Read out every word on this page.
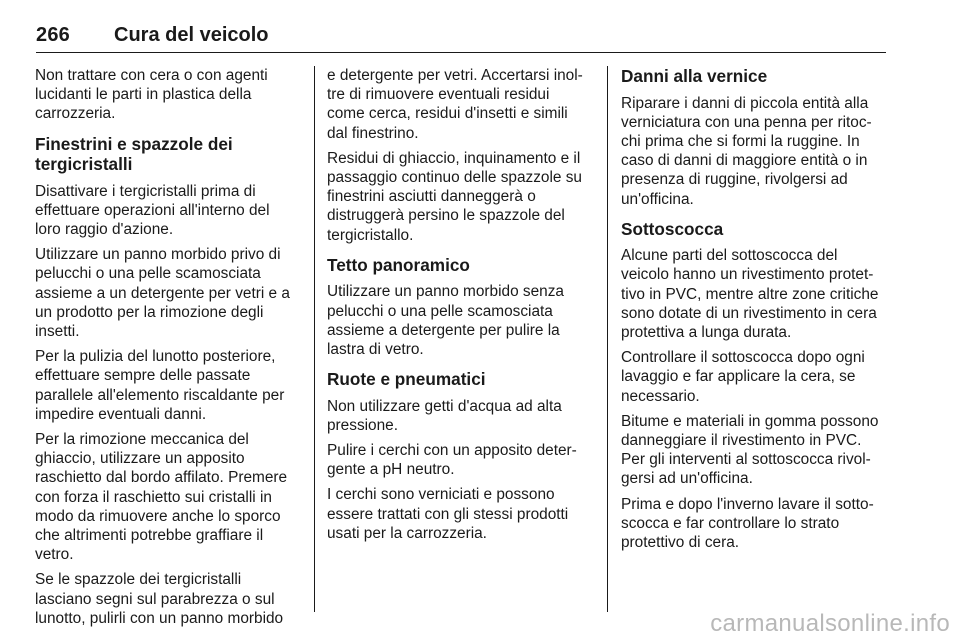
266 Cura del veicolo

Non trattare con cera o con agenti
lucidanti le parti in plastica della
carrozzeria.

Finestrini e spazzole dei
tergicristalli

Disattivare i tergicristalli prima di
effettuare operazioni all'interno del
loro raggio d'azione.

Utilizzare un panno morbido privo di
pelucchi o una pelle scamosciata
assieme a un detergente per vetri e a
un prodotto per la rimozione degli
insetti.

Per la pulizia del lunotto posteriore,
effettuare sempre delle passate
parallele all'elemento riscaldante per
impedire eventuali danni.

Per la rimozione meccanica del
ghiaccio, utilizzare un apposito
raschietto dal bordo affilato. Premere
con forza il raschietto sui cristalli in
modo da rimuovere anche lo sporco
che altrimenti potrebbe graffiare il
vetro.

Se le spazzole dei tergicristalli
lasciano segni sul parabrezza o sul
lunotto, pulirli con un panno morbido

e detergente per vetri. Accertarsi inol-
tre di rimuovere eventuali residui
come cerca, residui d'insetti e simili
dal finestrino.

Residui di ghiaccio, inquinamento e il
passaggio continuo delle spazzole su
finestrini asciutti danneggerà o
distruggerà persino le spazzole del
tergicristallo.

Tetto panoramico

Utilizzare un panno morbido senza
pelucchi o una pelle scamosciata
assieme a detergente per pulire la
lastra di vetro.

Ruote e pneumatici

Non utilizzare getti d'acqua ad alta
pressione.

Pulire i cerchi con un apposito deter-
gente a pH neutro.

I cerchi sono verniciati e possono
essere trattati con gli stessi prodotti
usati per la carrozzeria.

Danni alla vernice

Riparare i danni di piccola entità alla
verniciatura con una penna per ritoc-
chi prima che si formi la ruggine. In
caso di danni di maggiore entità o in
presenza di ruggine, rivolgersi ad
un'officina.

Sottoscocca

Alcune parti del sottoscocca del
veicolo hanno un rivestimento protet-
tivo in PVC, mentre altre zone critiche
sono dotate di un rivestimento in cera
protettiva a lunga durata.

Controllare il sottoscocca dopo ogni
lavaggio e far applicare la cera, se
necessario.

Bitume e materiali in gomma possono
danneggiare il rivestimento in PVC.
Per gli interventi al sottoscocca rivol-
gersi ad un'officina.

Prima e dopo l'inverno lavare il sotto-
scocca e far controllare lo strato
protettivo di cera.

carmanualsonline.info
